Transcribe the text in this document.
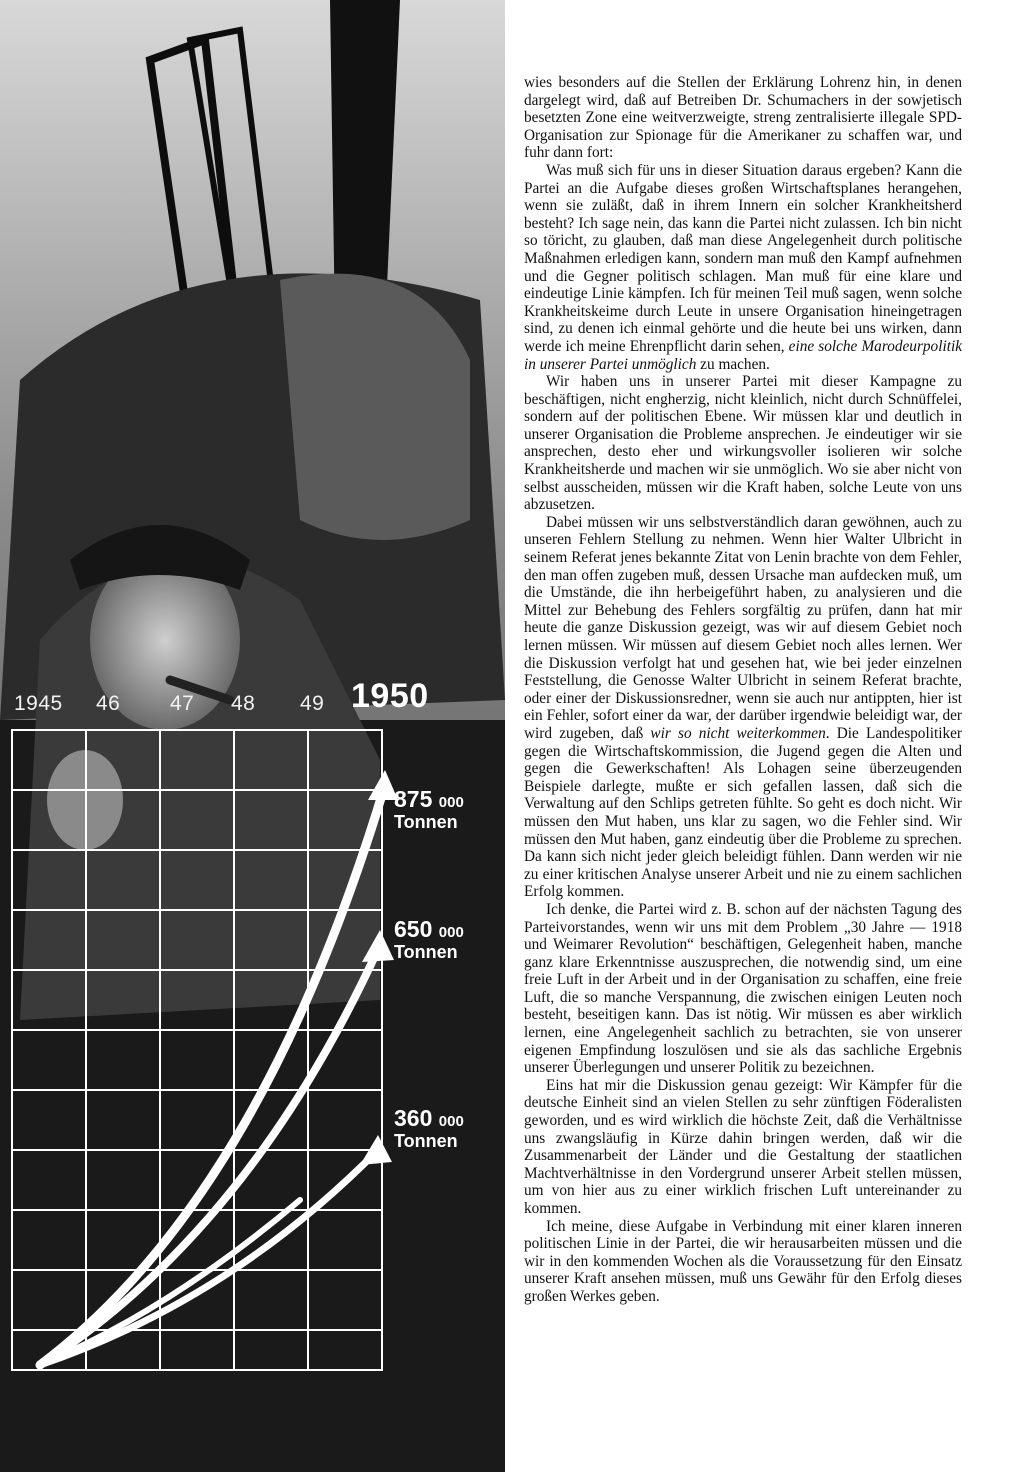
1945 46 47 48 49 1950
875 000
Tonnen
650 000
Tonnen
360 000
Tonnen

wies besonders auf die Stellen der Erklärung Lohrenz hin, in denen dargelegt wird, daß auf Betreiben Dr. Schumachers in der sowjetisch besetzten Zone eine weitverzweigte, streng zentralisierte illegale SPD-Organisation zur Spionage für die Amerikaner zu schaffen war, und fuhr dann fort:

Was muß sich für uns in dieser Situation daraus ergeben? Kann die Partei an die Aufgabe dieses großen Wirtschaftsplanes herangehen, wenn sie zuläßt, daß in ihrem Innern ein solcher Krankheitsherd besteht? Ich sage nein, das kann die Partei nicht zulassen. Ich bin nicht so töricht, zu glauben, daß man diese Angelegenheit durch politische Maßnahmen erledigen kann, sondern man muß den Kampf aufnehmen und die Gegner politisch schlagen. Man muß für eine klare und eindeutige Linie kämpfen. Ich für meinen Teil muß sagen, wenn solche Krankheitskeime durch Leute in unsere Organisation hineingetragen sind, zu denen ich einmal gehörte und die heute bei uns wirken, dann werde ich meine Ehrenpflicht darin sehen, eine solche Marodeurpolitik in unserer Partei unmöglich zu machen.

Wir haben uns in unserer Partei mit dieser Kampagne zu beschäftigen, nicht engherzig, nicht kleinlich, nicht durch Schnüffelei, sondern auf der politischen Ebene. Wir müssen klar und deutlich in unserer Organisation die Probleme ansprechen. Je eindeutiger wir sie ansprechen, desto eher und wirkungsvoller isolieren wir solche Krankheitsherde und machen wir sie unmöglich. Wo sie aber nicht von selbst ausscheiden, müssen wir die Kraft haben, solche Leute von uns abzusetzen.

Dabei müssen wir uns selbstverständlich daran gewöhnen, auch zu unseren Fehlern Stellung zu nehmen. Wenn hier Walter Ulbricht in seinem Referat jenes bekannte Zitat von Lenin brachte von dem Fehler, den man offen zugeben muß, dessen Ursache man aufdecken muß, um die Umstände, die ihn herbeigeführt haben, zu analysieren und die Mittel zur Behebung des Fehlers sorgfältig zu prüfen, dann hat mir heute die ganze Diskussion gezeigt, was wir auf diesem Gebiet noch lernen müssen. Wir müssen auf diesem Gebiet noch alles lernen. Wer die Diskussion verfolgt hat und gesehen hat, wie bei jeder einzelnen Feststellung, die Genosse Walter Ulbricht in seinem Referat brachte, oder einer der Diskussionsredner, wenn sie auch nur antippten, hier ist ein Fehler, sofort einer da war, der darüber irgendwie beleidigt war, der wird zugeben, daß wir so nicht weiterkommen. Die Landespolitiker gegen die Wirtschaftskommission, die Jugend gegen die Alten und gegen die Gewerkschaften! Als Lohagen seine überzeugenden Beispiele darlegte, mußte er sich gefallen lassen, daß sich die Verwaltung auf den Schlips getreten fühlte. So geht es doch nicht. Wir müssen den Mut haben, uns klar zu sagen, wo die Fehler sind. Wir müssen den Mut haben, ganz eindeutig über die Probleme zu sprechen. Da kann sich nicht jeder gleich beleidigt fühlen. Dann werden wir nie zu einer kritischen Analyse unserer Arbeit und nie zu einem sachlichen Erfolg kommen.

Ich denke, die Partei wird z. B. schon auf der nächsten Tagung des Parteivorstandes, wenn wir uns mit dem Problem „30 Jahre — 1918 und Weimarer Revolution“ beschäftigen, Gelegenheit haben, manche ganz klare Erkenntnisse auszusprechen, die notwendig sind, um eine freie Luft in der Arbeit und in der Organisation zu schaffen, eine freie Luft, die so manche Verspannung, die zwischen einigen Leuten noch besteht, beseitigen kann. Das ist nötig. Wir müssen es aber wirklich lernen, eine Angelegenheit sachlich zu betrachten, sie von unserer eigenen Empfindung loszulösen und sie als das sachliche Ergebnis unserer Überlegungen und unserer Politik zu bezeichnen.

Eins hat mir die Diskussion genau gezeigt: Wir Kämpfer für die deutsche Einheit sind an vielen Stellen zu sehr zünftigen Föderalisten geworden, und es wird wirklich die höchste Zeit, daß die Verhältnisse uns zwangsläufig in Kürze dahin bringen werden, daß wir die Zusammenarbeit der Länder und die Gestaltung der staatlichen Machtverhältnisse in den Vordergrund unserer Arbeit stellen müssen, um von hier aus zu einer wirklich frischen Luft untereinander zu kommen.

Ich meine, diese Aufgabe in Verbindung mit einer klaren inneren politischen Linie in der Partei, die wir herausarbeiten müssen und die wir in den kommenden Wochen als die Voraussetzung für den Einsatz unserer Kraft ansehen müssen, muß uns Gewähr für den Erfolg dieses großen Werkes geben.
